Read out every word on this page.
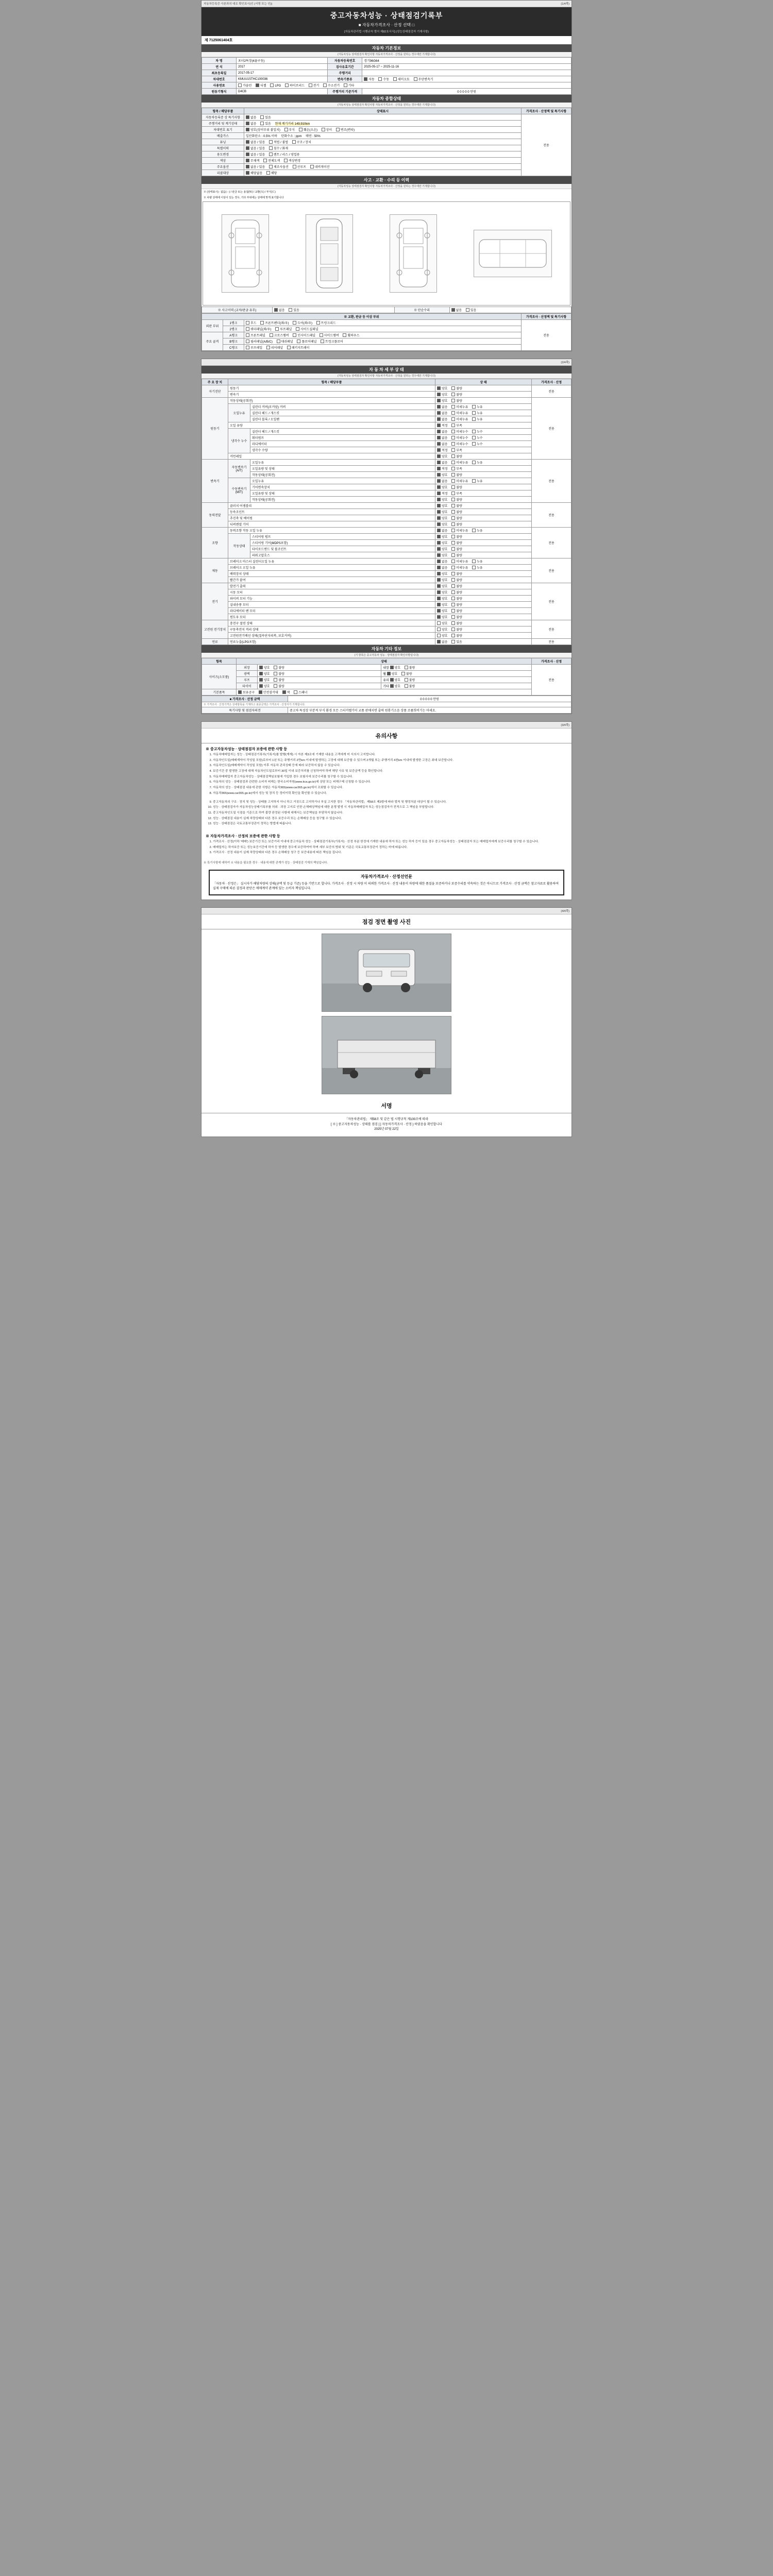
자동차등록증 사본과의 대조 확인표시(인 (서명 또는 인))	(1/4쪽)
중고자동차성능 · 상태점검기록부
■ 자동차가격조사 · 산정 선택 □
[자동차관리법 시행규칙 별지 제82호서식] (성능상태점검자 기재사항)
제 7125061404호
자동차 기본정보
(자동차성능 상태점검자 확인사항 자동차가격조사 · 산정을 원하는 경우에만 기재합니다)
차 명	포터2특장(4륜구동)	자동차등록번호	경기96G64
연 식	2017	검사유효기간	2025-05-17 ~ 2025-11-16
최초등록일	2017-05-17	주행거리	
차대번호	KMUU1STHC100036	변속기종류	자동 수동 세미오토 무단변속기
사용연료	가솔린 디젤 LPG 하이브리드 전기 수소전기 기타		
원동기형식	D4CB	주행거리 기준가격	0 0 0 0 0 만원
자동차 종합상태
(자동차성능 상태점검자 확인사항 자동차가격조사 · 산정을 원하는 경우에만 기재합니다)
항목 / 해당부품	상태표시	가격조사 · 산정액 및 특기사항
자동차등록증 상 특기사항	없음 있음	전용
주행거리 및 계기상태	없음 있음 현재 계기거리 149,910km	
차대번호 표기	양호(상이부위 불일치) 부식 훼손(오손) 상이 변조(변타)	
배출가스	일산화탄소 : 0.5% 이하 탄화수소 : ppm 매연 : 50%	
튜닝	없음 / 있음 적법 / 불법 구조 / 장치	
특별이력	없음 / 있음 침수 / 화재	
용도변경	없음 / 있음 렌트 / 리스 / 영업용	
색상	무채색 전체도색 색상변경	
주요옵션	없음 / 있음 제조사옵션 선루프 네비게이션	
리콜대상	해당없음 해당	
사고 · 교환 · 수리 등 이력
(자동차성능 상태점검자 확인사항 자동차가격조사 · 산정을 원하는 경우에만 기재합니다)
※ (상태표시) : 없음(－) / 판금 또는 용접(Ｗ) / 교환(Ｘ) / 부식(Ｃ)
※ 차량 상태에 이상이 있는 경우, 기타 부위에는 상태에 맞게 표기합니다
※ 사고이력 (교차/판금 유무)	없음	있음	※ 단순수리	없음	있음
※ 교환, 판금 등 이상 부위			가격조사 · 산정액 및 특기사항
외판 부위	1랭크	후드 프론트펜더(좌/우) 도어(좌/우) 트렁크리드	전용
	2랭크	쿼터패널(좌/우) 루프패널 사이드실패널	
주요 골격	A랭크	프론트패널 크로스멤버 인사이드패널 사이드멤버 휠하우스	
	B랭크	필러패널(A/B/C) 대쉬패널 플로어패널 트렁크플로어	
	C랭크	루프레일 리어패널 패키지트레이	
(2/4쪽)
자 동 차 세 부 상 태
(자동차성능 상태점검자 확인사항 자동차가격조사 · 산정을 원하는 경우에만 기재합니다)
주 요 장 치	항목 / 해당부품		상 태	가격조사 · 산정
자기진단	원동기		양호 불량	전용
	변속기		양호 불량	
원동기	작동상태(공회전)		양호 불량	전용
	오일누유	실린더 커버(로커암) 커버	없음 미세누유 누유	
		실린더 헤드 / 개스킷	없음 미세누유 누유	
		실린더 블록 / 오일팬	없음 미세누유 누유	
	오일 유량		적정 부족	
	냉각수 누수	실린더 헤드 / 개스킷	없음 미세누수 누수	
		워터펌프	없음 미세누수 누수	
		라디에이터	없음 미세누수 누수	
		냉각수 수량	적정 부족	
	커먼레일		양호 불량	
변속기	자동변속기 (A/T)	오일누유	없음 미세누유 누유	전용
		오일유량 및 상태	적정 부족	
		작동상태(공회전)	양호 불량	
	수동변속기 (M/T)	오일누유	없음 미세누유 누유	
		기어변속장치	양호 불량	
		오일유량 및 상태	적정 부족	
		작동상태(공회전)	양호 불량	
동력전달	클러치 어셈블리		양호 불량	전용
	등속조인트		양호 불량	
	추진축 및 베어링		양호 불량	
	디퍼렌셜 기어		양호 불량	
조향	동력조향 작동 오일 누유		없음 미세누유 누유	전용
	작동상태	스티어링 펌프	양호 불량	
		스티어링 기어(MDPS포함)	양호 불량	
		타이로드엔드 및 볼조인트	양호 불량	
		파워고압호스	양호 불량	
제동	브레이크 마스터 실린더오일 누유		없음 미세누유 누유	전용
	브레이크 오일 누유		없음 미세누유 누유	
	배력장치 상태		양호 불량	
	빨간가 붙여		양호 불량	
전기	발전기 출력		양호 불량	전용
	시동 모터		양호 불량	
	와이퍼 모터 기능		양호 불량	
	실내송풍 모터		양호 불량	
	라디에이터 팬 모터		양호 불량	
	윈도우 모터		양호 불량	
고전원 전기장치	충전구 절연 상태		양호 불량	전용
	구동축전지 격리 상태		양호 불량	
	고전원전기배선 상태(접속단자피복, 보호커버)		양호 불량	
연료	연료누출(LPG포함)		없음 있음	전용
자동차 기타 정보
(기 항목은 중고자동차 성능 · 상태점검자 확인사항입니다)
항목	상태			가격조사 · 산정
사이즈(소모품)	외장	양호 불량	내장 양호 불량	전용
	광택	양호 불량	휠 양호 불량	
	루프	양호 불량	유리 양호 불량	
	타이어	양호 불량	기타 양호 불량	
기본품목	보유공구 안전삼각대 잭 스패너			
■ 가격조사 · 산정 금액	0 0 0 0 0 만원
※ 가격조사 · 산정가격은 상세항목을 기재하고 최종금액은 가격조사 · 산정자가 기재합니다.	
특기사항 및 점검자의견	중고차 특성상 부분적 부식 환경 모든 스티커텔기이 교품 판매지면 출력 원롱기소음 상품 조퓸희비기는 마세요.
(3/4쪽)
유의사항
※ 중고자동차성능 · 상태점검자 보증에 관한 사항 등
1. 자동차매매업자는 성능 · 상태점검기록부(기록지)를 발행(게재) 시 자본 제3조에 기재한 내용을 고객에게 미 서의서 고지합니다.
2. 자동차인도일(매매계약서 작성일 포함)로부터 1년 또는 주행거리 2만km 이내에 발생하는 고장에 대해 보증할 수 있으며 2개월 또는 주행거리 4천km 이내에 발생한 고장은 최대 보증합니다.
3. 자동차인도일(매매계약서 작성일 포함) 이후 자동차 관리상태 등에 따라 보증하지 않을 수 있습니다.
4. 보증기간 중 발생한 고장에 대해 자동차인도일로부터 30일 이내 보증처리를 신청하여야 하며 해당 사유 및 보증금액 등을 확인합니다.
5. 자동차매매업자 중고자동차성능 · 상태점검책임보험에 가입한 경우 보험사에 보증수리를 청구할 수 있습니다.
6. 자동차의 성능 · 상태점검과 관련한 소비자 피해는 한국소비자원(www.kca.go.kr)에 상담 또는 피해구제 신청할 수 있습니다.
7. 자동차의 성능 · 상태점검 내용에 관한 사항은 자동차365(www.car365.go.kr)에서 조회할 수 있습니다.
8. 자동차365(www.car365.go.kr)에서 성능 및 장치 등 정비이력 확인을 확인할 수 있습니다.
9. 중고자동차의 구조 · 장치 및 성능 · 상태를 고지하지 아니 하고 거짓으로 고지하거나 부실 고지한 경우 「자동차관리법」제58조 제3항에 따라 벌칙 및 행정처분 대상이 될 수 있습니다.
10. 성능 · 상태점검자가 자동차성능상태기록부를 허위 · 과장 고지로 인한 손해배상책임에 대한 분쟁 발생 시 자동차매매업자 또는 성능점검자가 전적으로 그 책임을 부담합니다.
11. 중고자동차인도일 시점을 기준으로 하여 불량 판정된 사항에 대해서는 보증책임을 부담하지 않습니다.
12. 성능 · 상태점검 내용이 실제 차량상태와 다른 경우 보증수리 또는 손해배상 등을 청구할 수 있습니다.
13. 성능 · 상태점검은 국토교통부장관이 정하는 방법에 따릅니다.
※ 자동차가격조사 · 산정의 보증에 관한 사항 등
1. 가격조사 · 산정(이하 '매매') 보증기간 또는 보증거리 이내에 중고자동차 성능 · 상태점검기록부(기록지) · 산정 부분 한정에 기재한 내용에 하자 또는 성능 하자 등이 있을 경우 중고자동차성능 · 상태점검자 또는 매매업자에게 보증수리를 청구할 수 있습니다.
2. 매매업자는 하자보증 또는 성능보증기간에 하자 등 발생한 경우에 보증하여야 하며 세부 보증의 범위 및 기준은 국토교통부장관이 정하는 바에 따릅니다.
3. 가격조사 · 산정 내용이 실제 차량상태와 다른 경우 손해배상 청구 등 보증내용에 따른 책임을 집니다.
※ 특기사항에 대하여 ※ 내용을 필요한 경우 · 내용에 대한 관계가 성능 · 상태점검 기재의 책임입니다.
자동차가격조사 · 산정선언문
「자동차 · 산정은」 실시자가 해당차량의 상태(금액 및 등급 기준) 등을 기반으로 합니다. 가격조사 · 산정 시 차량 이 의뢰한 가격조사 · 산정 내용이 차량에 대한 품질을 보증하거나 보증수리를 약속하는 것은 아니므로 가격조사 · 산정 금액은 참고자료로 활용하여 실제 구매에 따른 결정과 판단은 매매계약 관계에 있는 소비자 책임입니다.
(4/4쪽)
점검 정면 촬영 사진
서명
「자동차관리법」 제58조 및 같은 법 시행규칙 제100조에 따라
[ ※ ] 중고자동차성능 · 상태를 점검 [ ] 자동차가격조사 · 산정 } 하였음을 확인합니다
2025년 07월 22일
